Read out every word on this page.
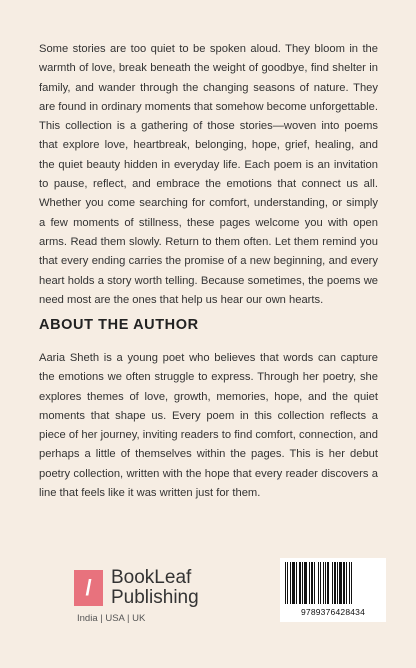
Some stories are too quiet to be spoken aloud. They bloom in the warmth of love, break beneath the weight of goodbye, find shelter in family, and wander through the changing seasons of nature. They are found in ordinary moments that somehow become unforgettable. This collection is a gathering of those stories—woven into poems that explore love, heartbreak, belonging, hope, grief, healing, and the quiet beauty hidden in everyday life. Each poem is an invitation to pause, reflect, and embrace the emotions that connect us all. Whether you come searching for comfort, understanding, or simply a few moments of stillness, these pages welcome you with open arms. Read them slowly. Return to them often. Let them remind you that every ending carries the promise of a new beginning, and every heart holds a story worth telling. Because sometimes, the poems we need most are the ones that help us hear our own hearts.

ABOUT THE AUTHOR

Aaria Sheth is a young poet who believes that words can capture the emotions we often struggle to express. Through her poetry, she explores themes of love, growth, memories, hope, and the quiet moments that shape us. Every poem in this collection reflects a piece of her journey, inviting readers to find comfort, connection, and perhaps a little of themselves within the pages. This is her debut poetry collection, written with the hope that every reader discovers a line that feels like it was written just for them.

/	BookLeaf
Publishing
India | USA | UK
9789376428434
